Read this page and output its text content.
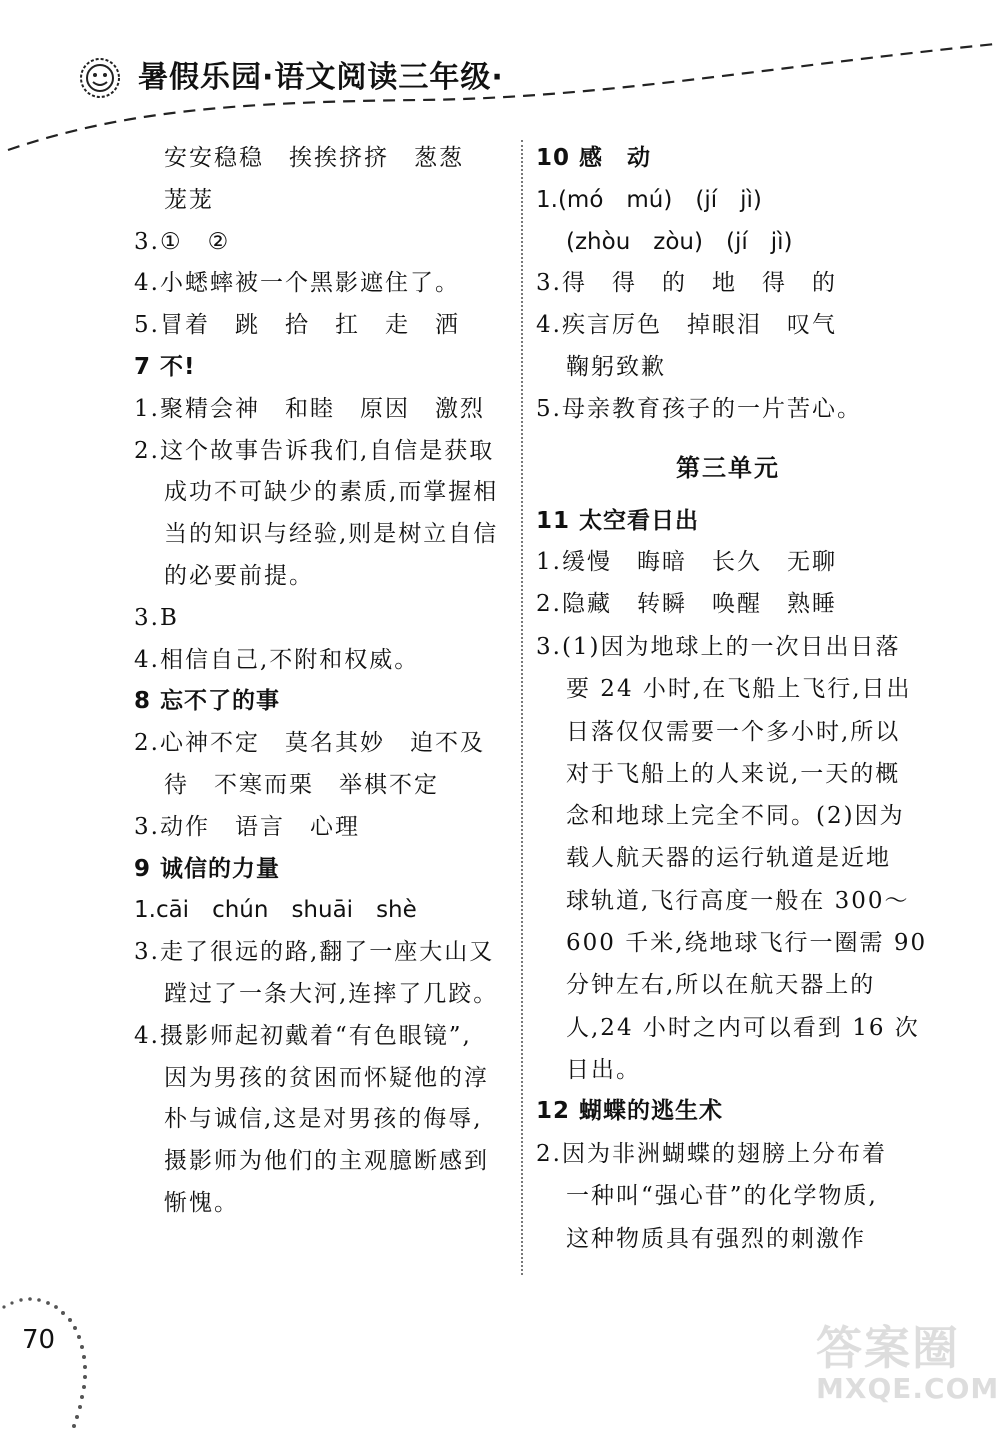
暑假乐园·语文阅读三年级·
安安稳稳　挨挨挤挤　葱葱
茏茏
3.①　②
4.小蟋蟀被一个黑影遮住了。
5.冒着　跳　拾　扛　走　洒
7 不!
1.聚精会神　和睦　原因　激烈
2.这个故事告诉我们,自信是获取
成功不可缺少的素质,而掌握相
当的知识与经验,则是树立自信
的必要前提。
3.B
4.相信自己,不附和权威。
8 忘不了的事
2.心神不定　莫名其妙　迫不及
待　不寒而栗　举棋不定
3.动作　语言　心理
9 诚信的力量
1.cāi　chún　shuāi　shè
3.走了很远的路,翻了一座大山又
蹚过了一条大河,连摔了几跤。
4.摄影师起初戴着“有色眼镜”,
因为男孩的贫困而怀疑他的淳
朴与诚信,这是对男孩的侮辱,
摄影师为他们的主观臆断感到
惭愧。
10 感　动
1.(mó　mú)　(jí　jì)
(zhòu　zòu)　(jí　jì)
3.得　得　的　地　得　的
4.疾言厉色　掉眼泪　叹气
鞠躬致歉
5.母亲教育孩子的一片苦心。
第三单元
11 太空看日出
1.缓慢　晦暗　长久　无聊
2.隐藏　转瞬　唤醒　熟睡
3.(1)因为地球上的一次日出日落
要 24 小时,在飞船上飞行,日出
日落仅仅需要一个多小时,所以
对于飞船上的人来说,一天的概
念和地球上完全不同。(2)因为
载人航天器的运行轨道是近地
球轨道,飞行高度一般在 300～
600 千米,绕地球飞行一圈需 90
分钟左右,所以在航天器上的
人,24 小时之内可以看到 16 次
日出。
12 蝴蝶的逃生术
2.因为非洲蝴蝶的翅膀上分布着
一种叫“强心苷”的化学物质,
这种物质具有强烈的刺激作
70	答案圈
MXQE.COM
